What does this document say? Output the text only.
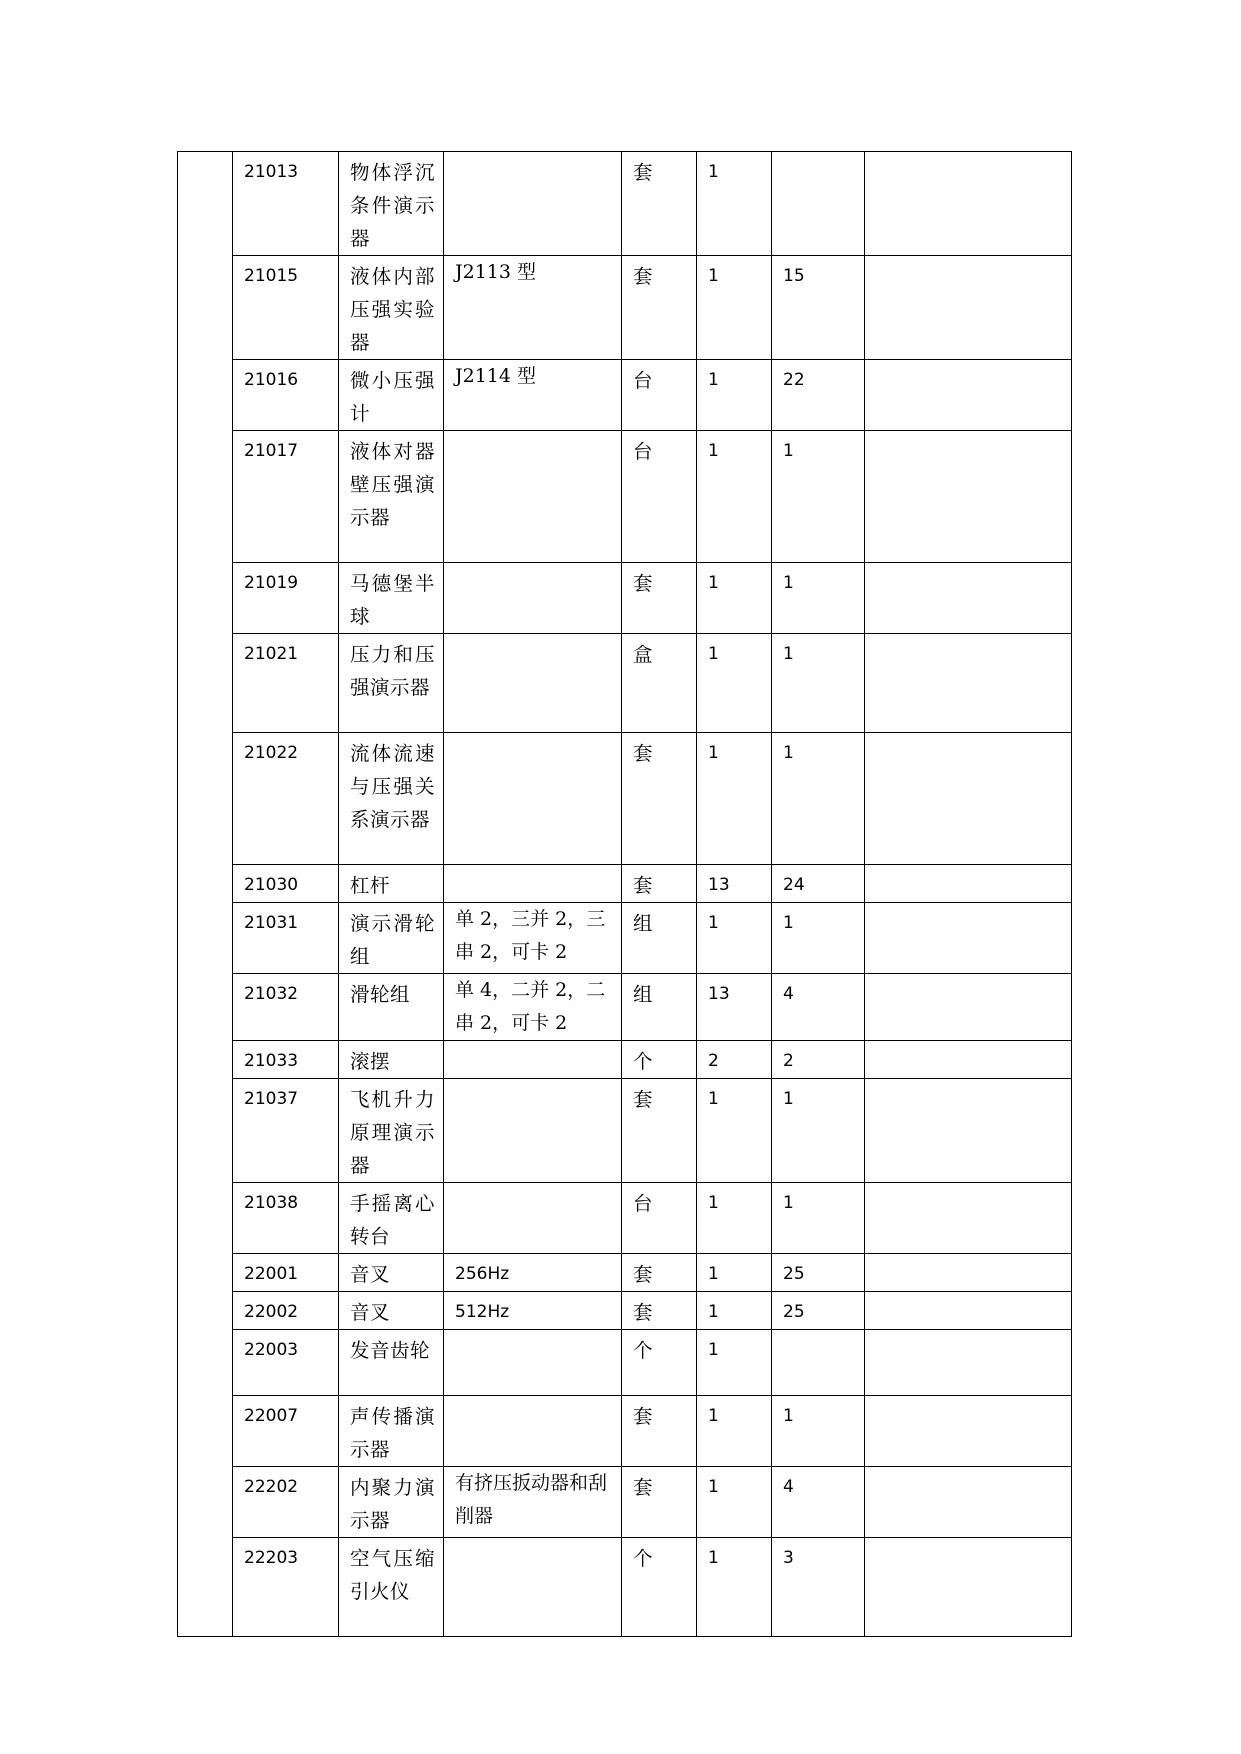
	21013	物体浮沉条件演示器		套	1		
	21015	液体内部压强实验器	J2113 型	套	1	15	
	21016	微小压强计	J2114 型	台	1	22	
	21017	液体对器壁压强演示器		台	1	1	
	21019	马德堡半球		套	1	1	
	21021	压力和压强演示器		盒	1	1	
	21022	流体流速与压强关系演示器		套	1	1	
	21030	杠杆		套	13	24	
	21031	演示滑轮组	单 2，三并 2，三串 2，可卡 2	组	1	1	
	21032	滑轮组	单 4，二并 2，二串 2，可卡 2	组	13	4	
	21033	滚摆		个	2	2	
	21037	飞机升力原理演示器		套	1	1	
	21038	手摇离心转台		台	1	1	
	22001	音叉	256Hz	套	1	25	
	22002	音叉	512Hz	套	1	25	
	22003	发音齿轮		个	1		
	22007	声传播演示器		套	1	1	
	22202	内聚力演示器	有挤压扳动器和刮削器	套	1	4	
	22203	空气压缩引火仪		个	1	3	
